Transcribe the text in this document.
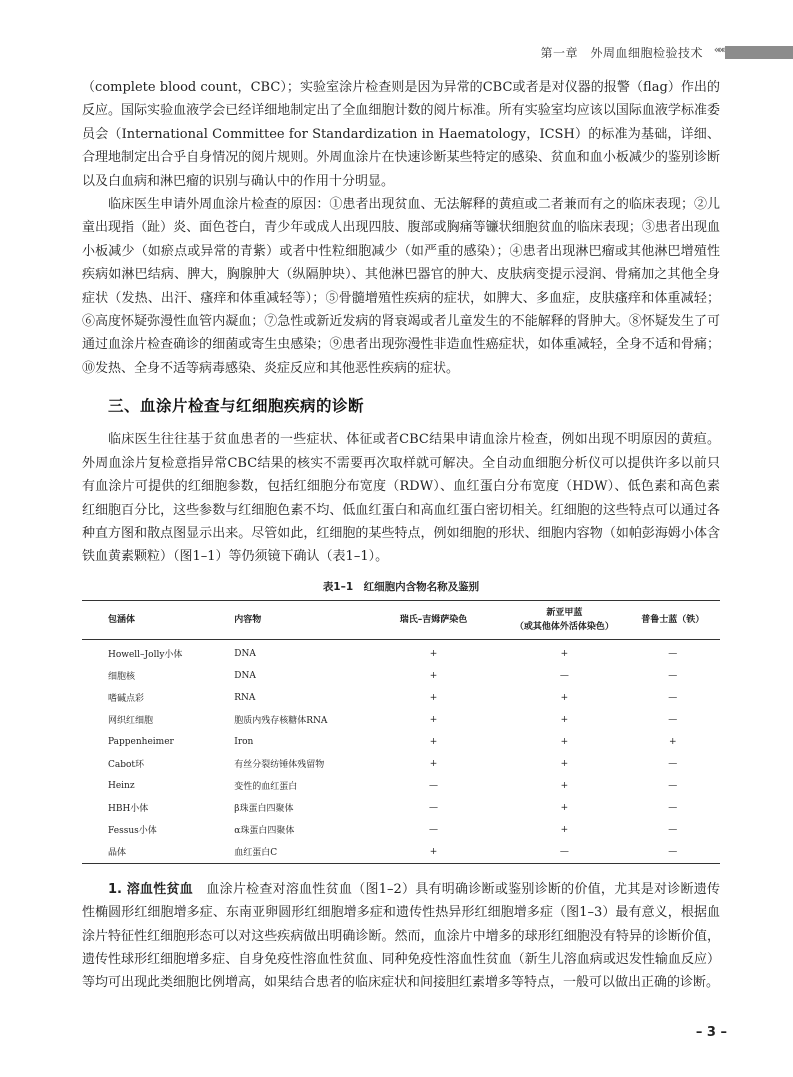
第一章　外周血细胞检验技术 «««

（complete blood count，CBC）；实验室涂片检查则是因为异常的CBC或者是对仪器的报警（flag）作出的反应。国际实验血液学会已经详细地制定出了全血细胞计数的阅片标准。所有实验室均应该以国际血液学标准委员会（International Committee for Standardization in Haematology，ICSH）的标准为基础，详细、合理地制定出合乎自身情况的阅片规则。外周血涂片在快速诊断某些特定的感染、贫血和血小板减少的鉴别诊断以及白血病和淋巴瘤的识别与确认中的作用十分明显。

临床医生申请外周血涂片检查的原因：①患者出现贫血、无法解释的黄疸或二者兼而有之的临床表现；②儿童出现指（趾）炎、面色苍白，青少年或成人出现四肢、腹部或胸痛等镰状细胞贫血的临床表现；③患者出现血小板减少（如瘀点或异常的青紫）或者中性粒细胞减少（如严重的感染）；④患者出现淋巴瘤或其他淋巴增殖性疾病如淋巴结病、脾大，胸腺肿大（纵隔肿块）、其他淋巴器官的肿大、皮肤病变提示浸润、骨痛加之其他全身症状（发热、出汗、瘙痒和体重减轻等）；⑤骨髓增殖性疾病的症状，如脾大、多血症，皮肤瘙痒和体重减轻；⑥高度怀疑弥漫性血管内凝血；⑦急性或新近发病的肾衰竭或者儿童发生的不能解释的肾肿大。⑧怀疑发生了可通过血涂片检查确诊的细菌或寄生虫感染；⑨患者出现弥漫性非造血性癌症状，如体重减轻，全身不适和骨痛；⑩发热、全身不适等病毒感染、炎症反应和其他恶性疾病的症状。

三、血涂片检查与红细胞疾病的诊断

临床医生往往基于贫血患者的一些症状、体征或者CBC结果申请血涂片检查，例如出现不明原因的黄疸。外周血涂片复检意指异常CBC结果的核实不需要再次取样就可解决。全自动血细胞分析仪可以提供许多以前只有血涂片可提供的红细胞参数，包括红细胞分布宽度（RDW）、血红蛋白分布宽度（HDW）、低色素和高色素红细胞百分比，这些参数与红细胞色素不均、低血红蛋白和高血红蛋白密切相关。红细胞的这些特点可以通过各种直方图和散点图显示出来。尽管如此，红细胞的某些特点，例如细胞的形状、细胞内容物（如帕彭海姆小体含铁血黄素颗粒）（图1–1）等仍须镜下确认（表1–1）。

表1–1　红细胞内含物名称及鉴别
包涵体	内容物	瑞氏–吉姆萨染色	新亚甲蓝
（或其他体外活体染色）	普鲁士蓝（铁）
Howell–Jolly小体	DNA	+	+	—
细胞核	DNA	+	—	—
嗜碱点彩	RNA	+	+	—
网织红细胞	胞质内残存核糖体RNA	+	+	—
Pappenheimer	Iron	+	+	+
Cabot环	有丝分裂纺锤体残留物	+	+	—
Heinz	变性的血红蛋白	—	+	—
HBH小体	β珠蛋白四聚体	—	+	—
Fessus小体	α珠蛋白四聚体	—	+	—
晶体	血红蛋白C	+	—	—

1. 溶血性贫血　血涂片检查对溶血性贫血（图1–2）具有明确诊断或鉴别诊断的价值，尤其是对诊断遗传性椭圆形红细胞增多症、东南亚卵圆形红细胞增多症和遗传性热异形红细胞增多症（图1–3）最有意义，根据血涂片特征性红细胞形态可以对这些疾病做出明确诊断。然而，血涂片中增多的球形红细胞没有特异的诊断价值，遗传性球形红细胞增多症、自身免疫性溶血性贫血、同种免疫性溶血性贫血（新生儿溶血病或迟发性输血反应）等均可出现此类细胞比例增高，如果结合患者的临床症状和间接胆红素增多等特点，一般可以做出正确的诊断。

– 3 –
